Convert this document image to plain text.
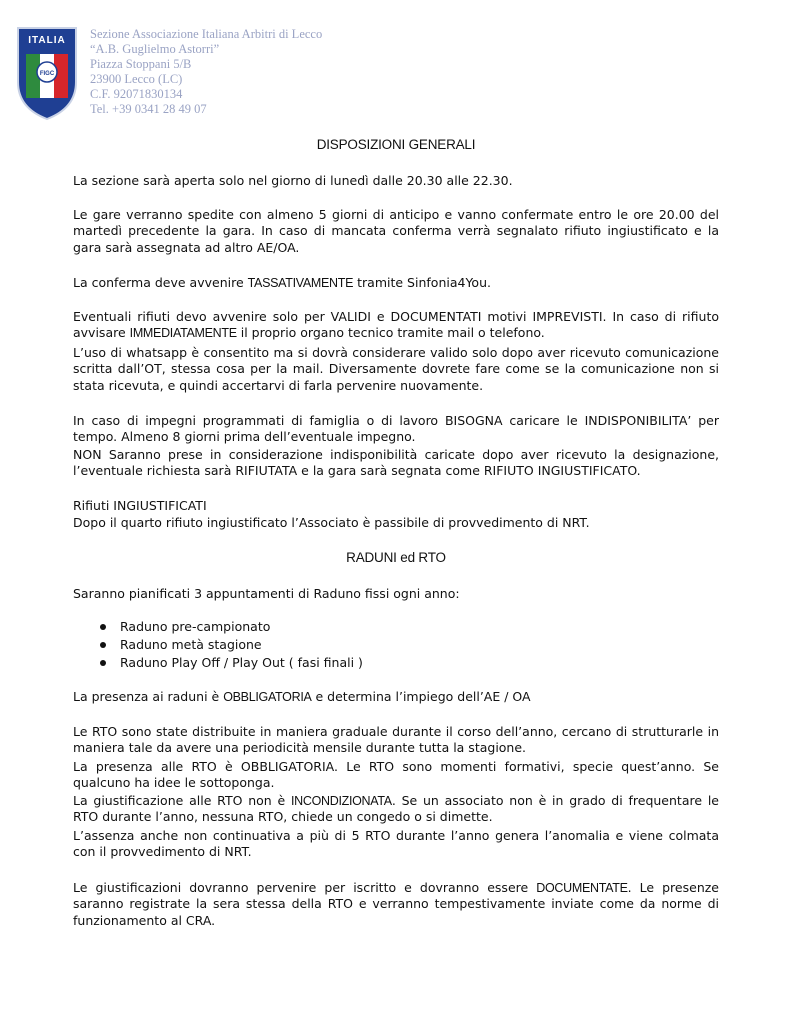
ITALIA
FIGC
Sezione Associazione Italiana Arbitri di Lecco
“A.B. Guglielmo Astorri”
Piazza Stoppani 5/B
23900 Lecco (LC)
C.F. 92071830134
Tel. +39 0341 28 49 07
DISPOSIZIONI GENERALI

La sezione sarà aperta solo nel giorno di lunedì dalle 20.30 alle 22.30.

Le gare verranno spedite con almeno 5 giorni di anticipo e vanno confermate entro le ore 20.00 del martedì precedente la gara. In caso di mancata conferma verrà segnalato rifiuto ingiustificato e la gara sarà assegnata ad altro AE/OA.

La conferma deve avvenire TASSATIVAMENTE tramite Sinfonia4You.

Eventuali rifiuti devo avvenire solo per VALIDI e DOCUMENTATI motivi IMPREVISTI. In caso di rifiuto avvisare IMMEDIATAMENTE il proprio organo tecnico tramite mail o telefono.

L’uso di whatsapp è consentito ma si dovrà considerare valido solo dopo aver ricevuto comunicazione scritta dall’OT, stessa cosa per la mail. Diversamente dovrete fare come se la comunicazione non si stata ricevuta, e quindi accertarvi di farla pervenire nuovamente.

In caso di impegni programmati di famiglia o di lavoro BISOGNA caricare le INDISPONIBILITA’ per tempo. Almeno 8 giorni prima dell’eventuale impegno.

NON Saranno prese in considerazione indisponibilità caricate dopo aver ricevuto la designazione, l’eventuale richiesta sarà RIFIUTATA e la gara sarà segnata come RIFIUTO INGIUSTIFICATO.

Rifiuti INGIUSTIFICATI

Dopo il quarto rifiuto ingiustificato l’Associato è passibile di provvedimento di NRT.

RADUNI ed RTO

Saranno pianificati 3 appuntamenti di Raduno fissi ogni anno:

Raduno pre-campionato
Raduno metà stagione
Raduno Play Off / Play Out ( fasi finali )

La presenza ai raduni è OBBLIGATORIA e determina l’impiego dell’AE / OA

Le RTO sono state distribuite in maniera graduale durante il corso dell’anno, cercano di strutturarle in maniera tale da avere una periodicità mensile durante tutta la stagione.

La presenza alle RTO è OBBLIGATORIA. Le RTO sono momenti formativi, specie quest’anno. Se qualcuno ha idee le sottoponga.

La giustificazione alle RTO non è INCONDIZIONATA. Se un associato non è in grado di frequentare le RTO durante l’anno, nessuna RTO, chiede un congedo o si dimette.

L’assenza anche non continuativa a più di 5 RTO durante l’anno genera l’anomalia e viene colmata con il provvedimento di NRT.

Le giustificazioni dovranno pervenire per iscritto e dovranno essere DOCUMENTATE. Le presenze saranno registrate la sera stessa della RTO e verranno tempestivamente inviate come da norme di funzionamento al CRA.
